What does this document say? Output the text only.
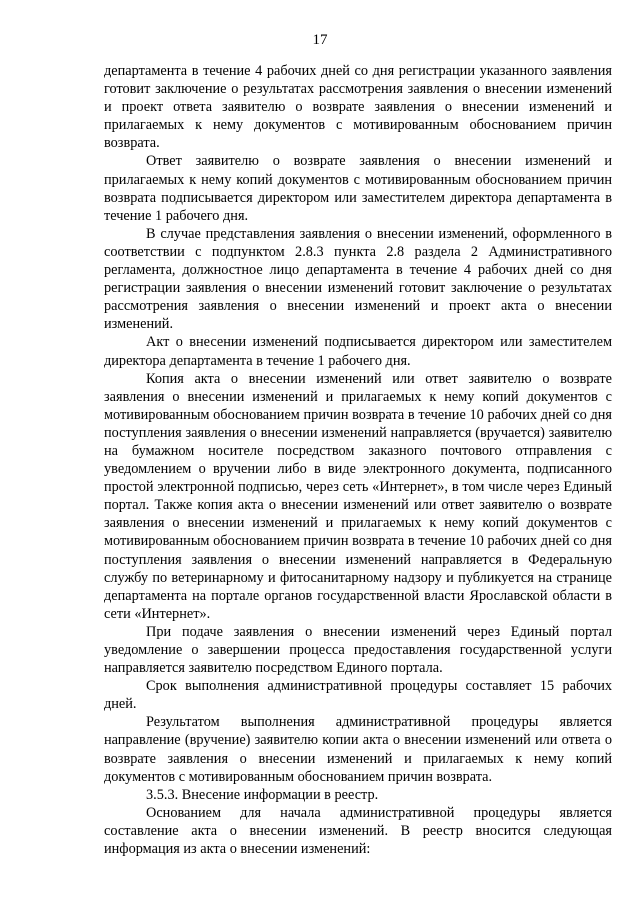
17

департамента в течение 4 рабочих дней со дня регистрации указанного заявления готовит заключение о результатах рассмотрения заявления о внесении изменений и проект ответа заявителю о возврате заявления о внесении изменений и прилагаемых к нему документов с мотивированным обоснованием причин возврата.

Ответ заявителю о возврате заявления о внесении изменений и прилагаемых к нему копий документов с мотивированным обоснованием причин возврата подписывается директором или заместителем директора департамента в течение 1 рабочего дня.

В случае представления заявления о внесении изменений, оформленного в соответствии с подпунктом 2.8.3 пункта 2.8 раздела 2 Административного регламента, должностное лицо департамента в течение 4 рабочих дней со дня регистрации заявления о внесении изменений готовит заключение о результатах рассмотрения заявления о внесении изменений и проект акта о внесении изменений.

Акт о внесении изменений подписывается директором или заместителем директора департамента в течение 1 рабочего дня.

Копия акта о внесении изменений или ответ заявителю о возврате заявления о внесении изменений и прилагаемых к нему копий документов с мотивированным обоснованием причин возврата в течение 10 рабочих дней со дня поступления заявления о внесении изменений направляется (вручается) заявителю на бумажном носителе посредством заказного почтового отправления с уведомлением о вручении либо в виде электронного документа, подписанного простой электронной подписью, через сеть «Интернет», в том числе через Единый портал. Также копия акта о внесении изменений или ответ заявителю о возврате заявления о внесении изменений и прилагаемых к нему копий документов с мотивированным обоснованием причин возврата в течение 10 рабочих дней со дня поступления заявления о внесении изменений направляется в Федеральную службу по ветеринарному и фитосанитарному надзору и публикуется на странице департамента на портале органов государственной власти Ярославской области в сети «Интернет».

При подаче заявления о внесении изменений через Единый портал уведомление о завершении процесса предоставления государственной услуги направляется заявителю посредством Единого портала.

Срок выполнения административной процедуры составляет 15 рабочих дней.

Результатом выполнения административной процедуры является направление (вручение) заявителю копии акта о внесении изменений или ответа о возврате заявления о внесении изменений и прилагаемых к нему копий документов с мотивированным обоснованием причин возврата.

3.5.3. Внесение информации в реестр.

Основанием для начала административной процедуры является составление акта о внесении изменений. В реестр вносится следующая информация из акта о внесении изменений:
